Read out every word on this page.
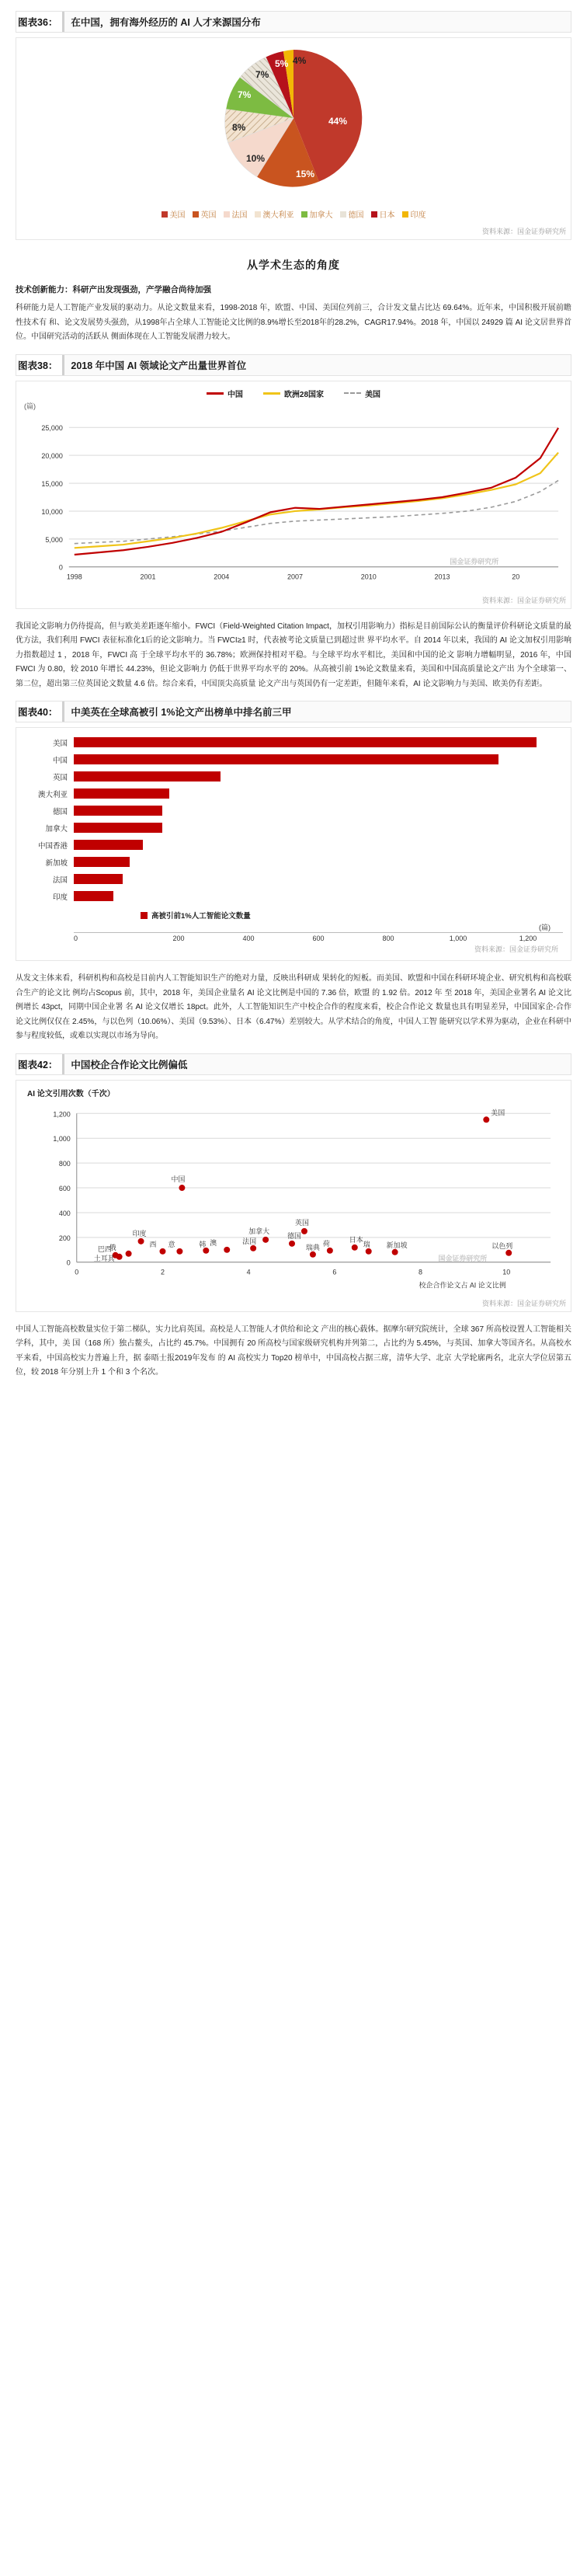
图表36：	在中国，拥有海外经历的 AI 人才来源国分布
44%
15%
10%
8%
7%
7%
5% 4%
美国 英国 法国 澳大利亚 加拿大 德国 日本 印度
资料来源：国金证券研究所
从学术生态的角度
技术创新能力：科研产出发现强劲，产学融合尚待加强

科研能力是人工智能产业发展的驱动力。从论文数量来看，1998-2018 年，欧盟、中国、美国位列前三，合计发文量占比达 69.64%。近年来，中国积极开展前瞻性技术有 和、论文发展势头强劲，从1998年占全球人工智能论文比例的8.9%增长至2018年的28.2%，CAGR17.94%。2018 年，中国以 24929 篇 AI 论文居世界首位。中国研究活动的活跃从 侧面体现在人工智能发展潜力较大。

图表38：	2018 年中国 AI 领域论文产出量世界首位
中国	欧洲28国家	美国
(篇)
0
5,000
10,000
15,000
20,000
25,000
1998	2001	2004	2007	2010	2013	20
国金证券研究所
资料来源：国金证券研究所

我国论文影响力仍待提高，但与欧美差距逐年缩小。FWCI（Field-Weighted Citation Impact，加权引用影响力）指标是目前国际公认的衡量评价科研论文质量的最优方法，我们利用 FWCI 表征标准化1后的论文影响力。当 FWCI≥1 时，代表被考论文质量已到超过世 界平均水平。自 2014 年以来，我国的 AI 论文加权引用影响力指数超过 1 ，2018 年，FWCI 高 于全球平均水平的 36.78%；欧洲保持相对平稳。与全球平均水平相比，美国和中国的论文 影响力增幅明显，2016 年，中国 FWCI 为 0.80，较 2010 年增长 44.23%，但论文影响力 仍低于世界平均水平的 20%。从高被引前 1%论文数量来看，美国和中国高质量论文产出 为个全球第一、第二位，超出第三位英国论文数量 4.6 倍。综合来看，中国顶尖高质量 论文产出与英国仍有一定差距，但随年来看，AI 论文影响力与美国、欧美仍有差距。

图表40：	中美英在全球高被引 1%论文产出榜单中排名前三甲
美国
中国
英国
澳大利亚
德国
加拿大
中国香港
新加坡
法国
印度
高被引前1%人工智能论文数量
(篇)
0	200	400	600	800	1,000	1,200
资料来源：国金证券研究所

从发文主体来看，科研机构和高校是目前内人工智能知识生产的绝对力量，反映出科研成 果转化的短板。而美国、欧盟和中国在科研环境企业、研究机构和高校联合生产的论文比 例均占Scopus 前，其中，2018 年，美国企业量名 AI 论文比例是中国的 7.36 倍，欧盟 的 1.92 倍。2012 年 至 2018 年，美国企业署名 AI 论文比例增长 43pct，同期中国企业署 名 AI 论文仅增长 18pct。此外，人工智能知识生产中校企合作的程度来看，校企合作论文 数量也具有明显差异，中国国家企-合作论文比例仅仅在 2.45%，与以色列（10.06%）、美国（9.53%）、日本（6.47%）差别较大。从学术结合的角度，中国人工智 能研究以学术界为驱动，企业在科研中参与程度较低，或难以实现以市场为导向。

图表42：	中国校企合作论文比例偏低
AI 论文引用次数（千次）
0
200
400
600
800
1,000
1,200
0	2	4	6	8	10
美国
中国
英国
加拿大
印度
日本
德国
法国
澳
韩
意
西
俄	荷	瑞 新加坡	以色列
巴西
土耳其
瑞典
国金证券研究所
校企合作论文占 AI 论文比例
资料来源：国金证券研究所

中国人工智能高校数量实位于第二梯队，实力比肩英国。高校是人工智能人才供给和论文 产出的核心载体。据摩尔研究院统计，全球 367 所高校设置人工智能相关学科，其中，美 国（168 所）独占鳌头，占比约 45.7%。中国拥有 20 所高校与国家级研究机构并列第二，占比约为 5.45%，与英国、加拿大等国齐名。从高校水平来看，中国高校实力普遍上升，据 泰晤士报2019年发布 的 AI 高校实力 Top20 榜单中，中国高校占据三席，清华大学、北京 大学轮廓两名，北京大学位居第五位，较 2018 年分别上升 1 个和 3 个名次。
